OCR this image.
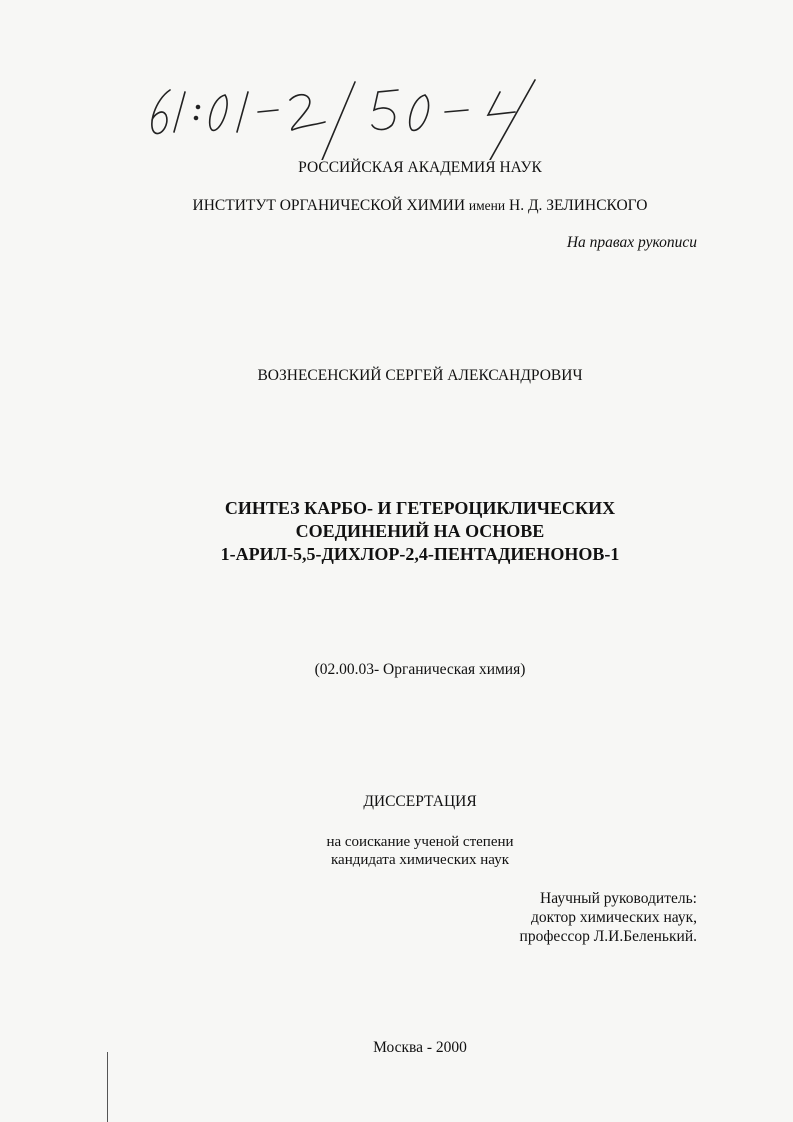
РОССИЙСКАЯ АКАДЕМИЯ НАУК
ИНСТИТУТ ОРГАНИЧЕСКОЙ ХИМИИ имени Н. Д. ЗЕЛИНСКОГО
На правах рукописи
ВОЗНЕСЕНСКИЙ СЕРГЕЙ АЛЕКСАНДРОВИЧ
СИНТЕЗ КАРБО- И ГЕТЕРОЦИКЛИЧЕСКИХ
СОЕДИНЕНИЙ НА ОСНОВЕ
1-АРИЛ-5,5-ДИХЛОР-2,4-ПЕНТАДИЕНОНОВ-1
(02.00.03- Органическая химия)
ДИССЕРТАЦИЯ
на соискание ученой степени
кандидата химических наук
Научный руководитель:
доктор химических наук,
профессор Л.И.Беленький.
Москва - 2000
